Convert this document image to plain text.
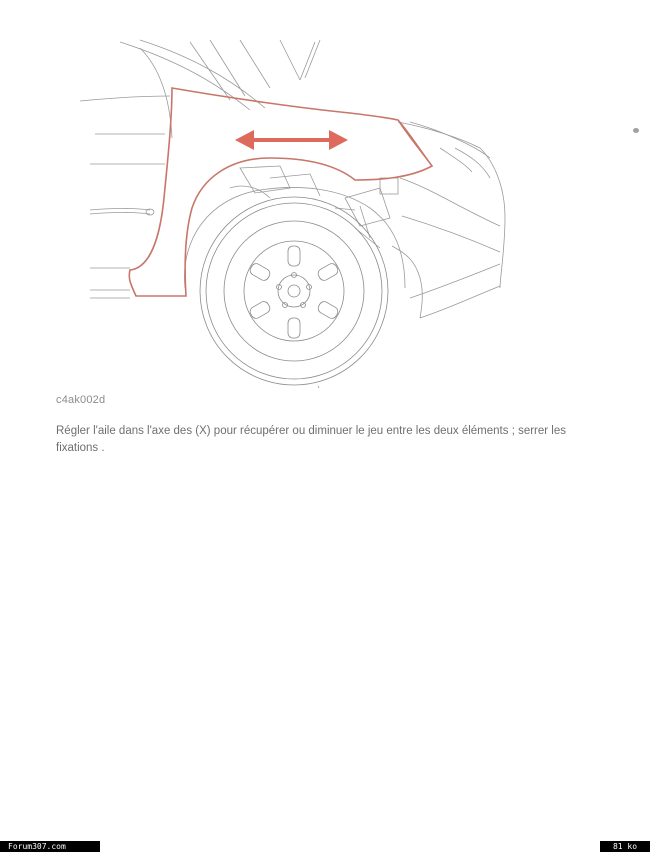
c4ak002d
Régler l'aile dans l'axe des (X) pour récupérer ou diminuer le jeu entre les deux éléments ; serrer les fixations .
Forum307.com	81 ko
